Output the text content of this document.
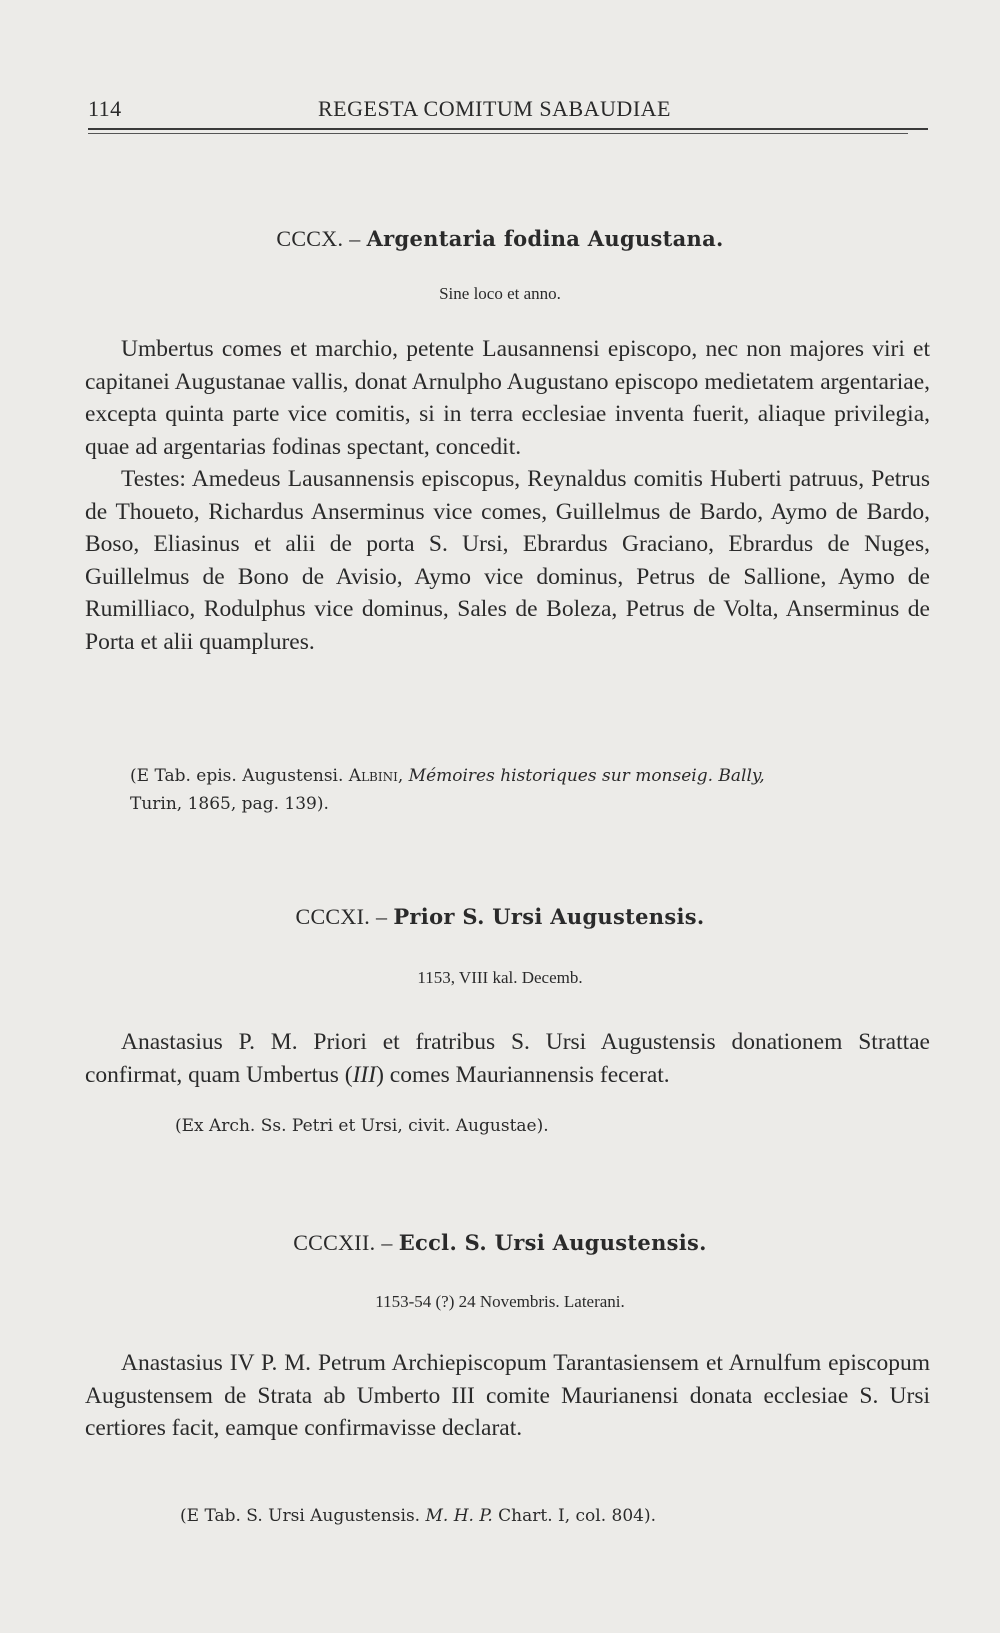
114	REGESTA COMITUM SABAUDIAE
CCCX. – Argentaria fodina Augustana.
Sine loco et anno.

Umbertus comes et marchio, petente Lausannensi episcopo, nec non majores viri et capitanei Augustanae vallis, donat Arnulpho Augustano episcopo medietatem argentariae, excepta quinta parte vice comitis, si in terra ecclesiae inventa fuerit, aliaque privilegia, quae ad argentarias fodinas spectant, concedit.

Testes: Amedeus Lausannensis episcopus, Reynaldus comitis Huberti patruus, Petrus de Thoueto, Richardus Anserminus vice comes, Guillelmus de Bardo, Aymo de Bardo, Boso, Eliasinus et alii de porta S. Ursi, Ebrardus Graciano, Ebrardus de Nuges, Guillelmus de Bono de Avisio, Aymo vice dominus, Petrus de Sallione, Aymo de Rumilliaco, Rodulphus vice dominus, Sales de Boleza, Petrus de Volta, Anserminus de Porta et alii quamplures.

(E Tab. epis. Augustensi. Albini, Mémoires historiques sur monseig. Bally,
Turin, 1865, pag. 139).
CCCXI. – Prior S. Ursi Augustensis.
1153, VIII kal. Decemb.

Anastasius P. M. Priori et fratribus S. Ursi Augustensis donationem Strattae confirmat, quam Umbertus (III) comes Mauriannensis fecerat.

(Ex Arch. Ss. Petri et Ursi, civit. Augustae).
CCCXII. – Eccl. S. Ursi Augustensis.
1153-54 (?) 24 Novembris. Laterani.

Anastasius IV P. M. Petrum Archiepiscopum Tarantasiensem et Arnulfum episcopum Augustensem de Strata ab Umberto III comite Maurianensi donata ecclesiae S. Ursi certiores facit, eamque confirmavisse declarat.

(E Tab. S. Ursi Augustensis. M. H. P. Chart. I, col. 804).
